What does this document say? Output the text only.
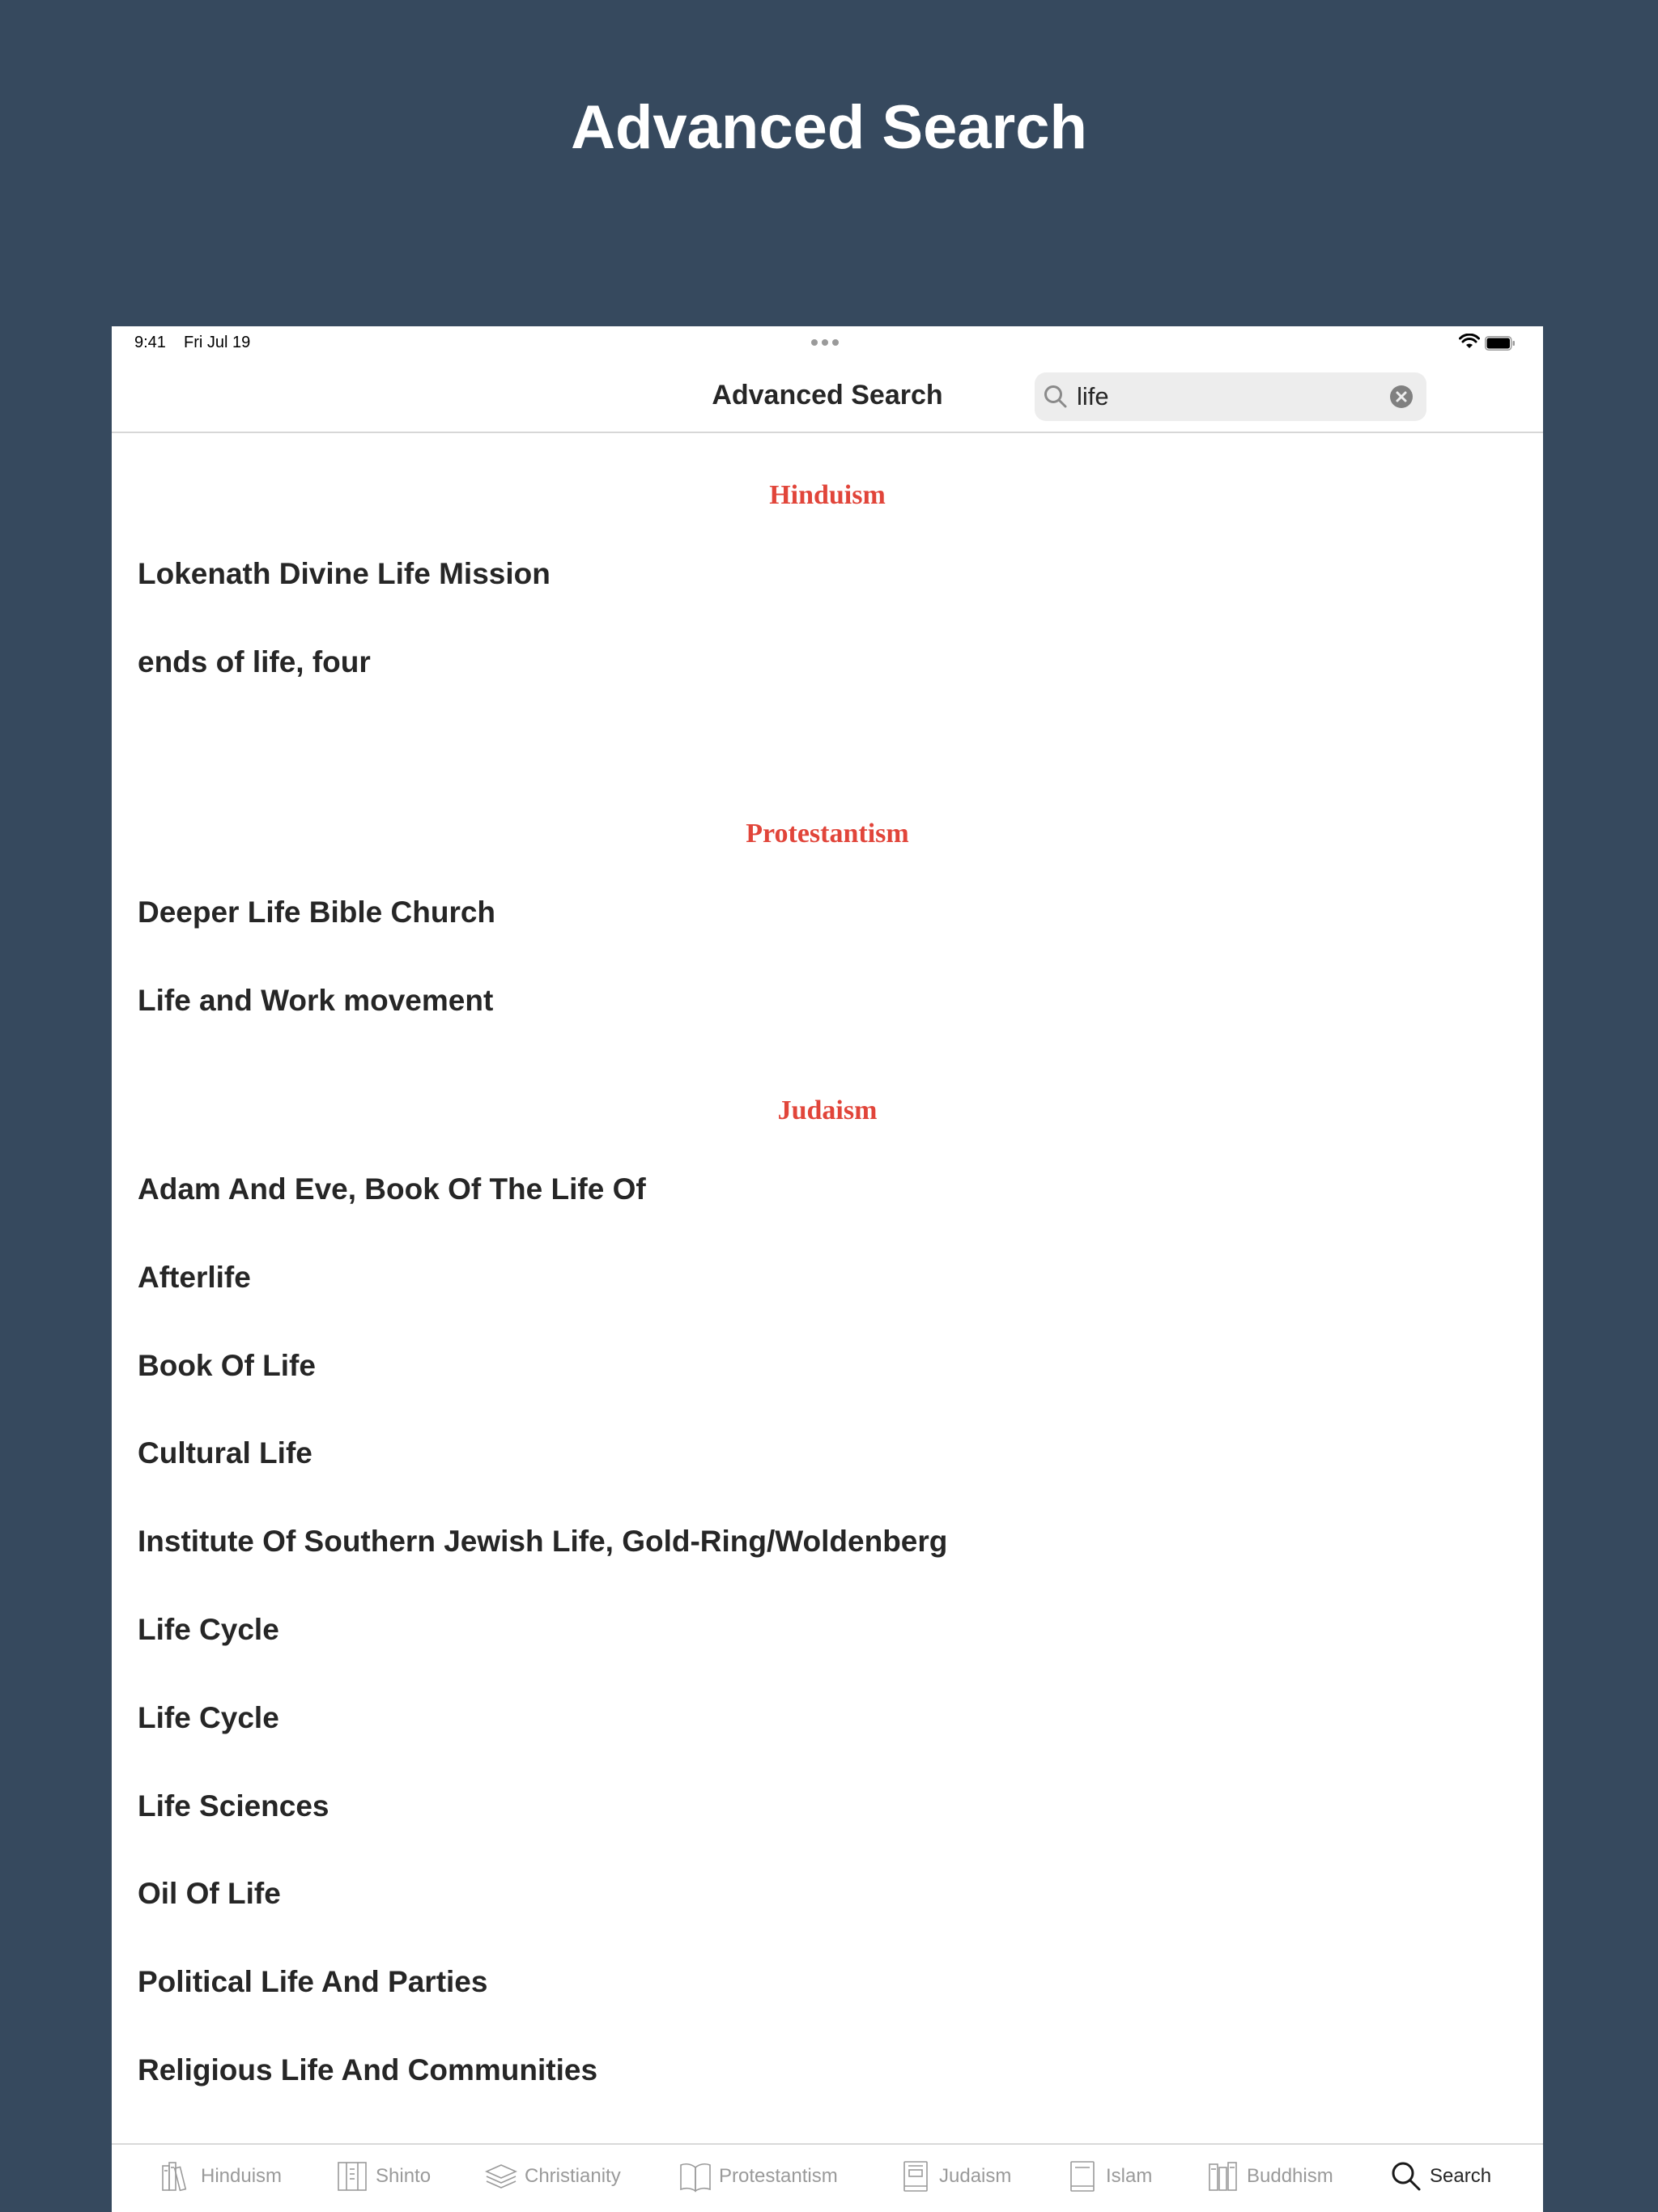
Advanced Search
9:41 Fri Jul 19
Advanced Search
life
Hinduism
Lokenath Divine Life Mission
ends of life, four
Protestantism
Deeper Life Bible Church
Life and Work movement
Judaism
Adam And Eve, Book Of The Life Of
Afterlife
Book Of Life
Cultural Life
Institute Of Southern Jewish Life, Gold-Ring/Woldenberg
Life Cycle
Life Cycle
Life Sciences
Oil Of Life
Political Life And Parties
Religious Life And Communities
Hinduism	Shinto	Christianity	Protestantism	Judaism	Islam	Buddhism	Search
